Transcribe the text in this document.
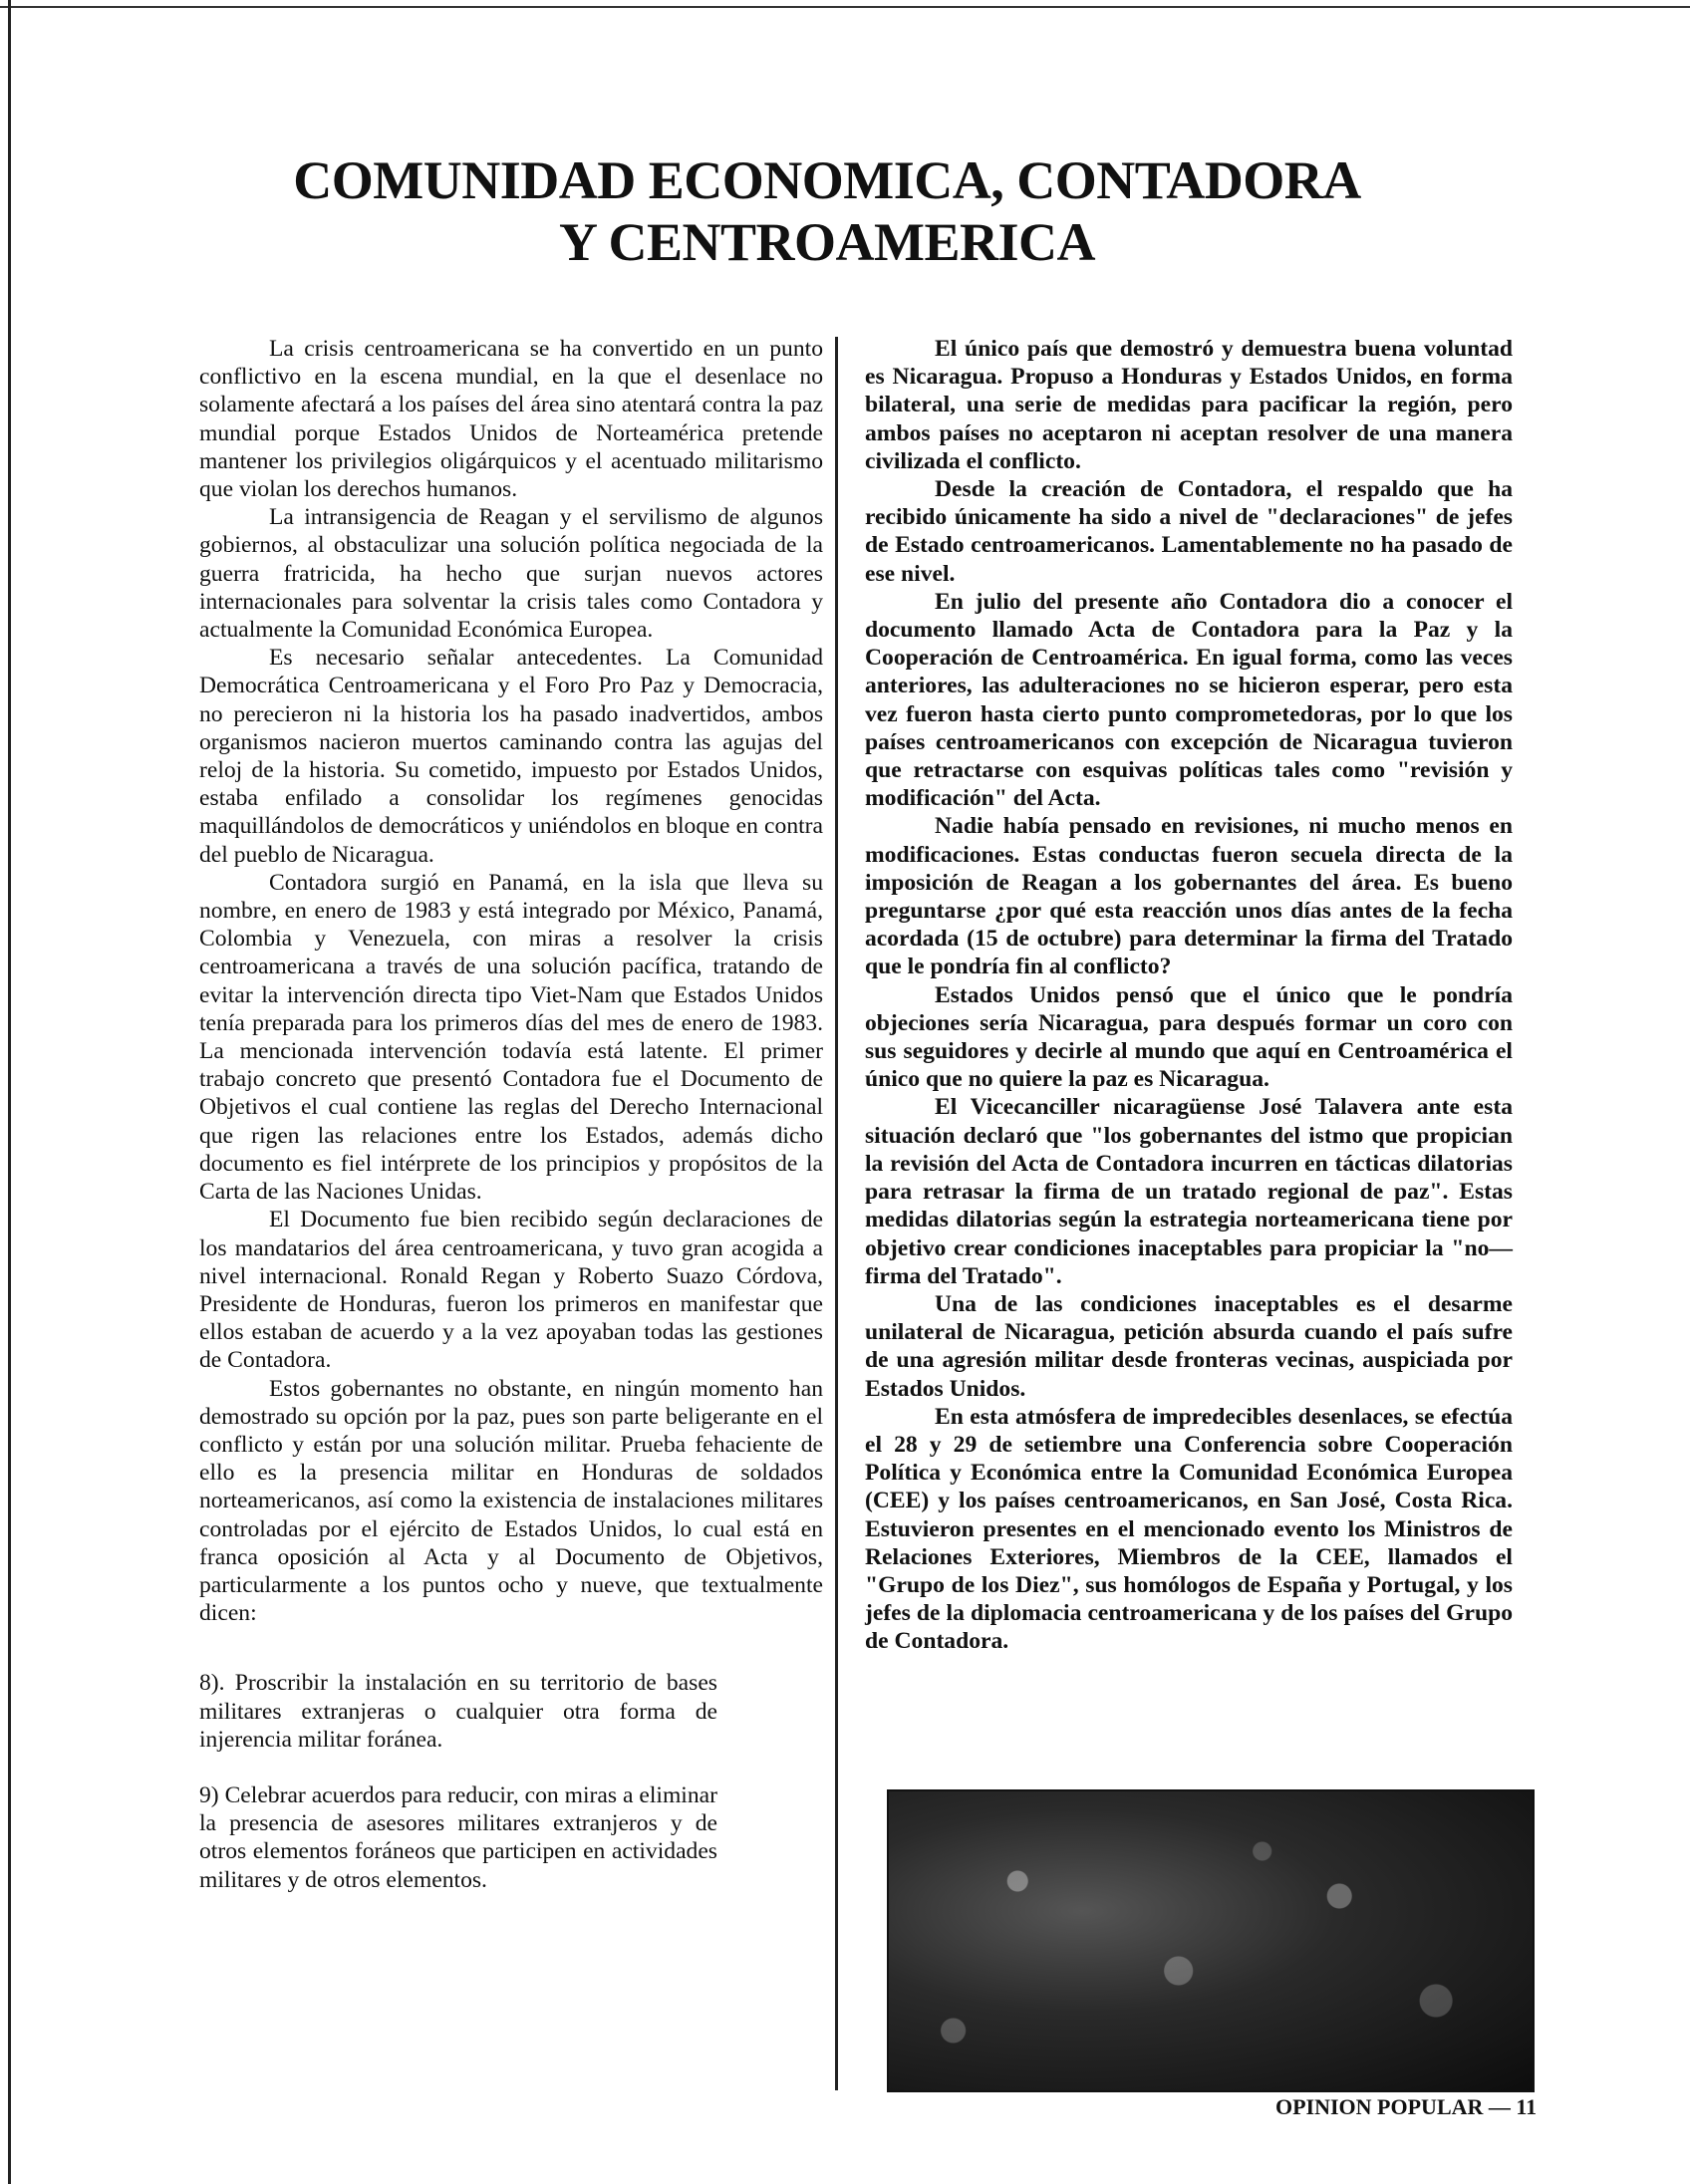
COMUNIDAD ECONOMICA, CONTADORA
Y CENTROAMERICA

La crisis centroamericana se ha convertido en un punto conflictivo en la escena mundial, en la que el desenlace no solamente afectará a los países del área sino atentará contra la paz mundial porque Estados Unidos de Norteamérica pretende mantener los privilegios oligárquicos y el acentuado militarismo que violan los derechos humanos.

La intransigencia de Reagan y el servilismo de algunos gobiernos, al obstaculizar una solución política negociada de la guerra fratricida, ha hecho que surjan nuevos actores internacionales para solventar la crisis tales como Contadora y actualmente la Comunidad Económica Europea.

Es necesario señalar antecedentes. La Comunidad Democrática Centroamericana y el Foro Pro Paz y Democracia, no perecieron ni la historia los ha pasado inadvertidos, ambos organismos nacieron muertos caminando contra las agujas del reloj de la historia. Su cometido, impuesto por Estados Unidos, estaba enfilado a consolidar los regímenes genocidas maquillándolos de democráticos y uniéndolos en bloque en contra del pueblo de Nicaragua.

Contadora surgió en Panamá, en la isla que lleva su nombre, en enero de 1983 y está integrado por México, Panamá, Colombia y Venezuela, con miras a resolver la crisis centroamericana a través de una solución pacífica, tratando de evitar la intervención directa tipo Viet-Nam que Estados Unidos tenía preparada para los primeros días del mes de enero de 1983. La mencionada intervención todavía está latente. El primer trabajo concreto que presentó Contadora fue el Documento de Objetivos el cual contiene las reglas del Derecho Internacional que rigen las relaciones entre los Estados, además dicho documento es fiel intérprete de los principios y propósitos de la Carta de las Naciones Unidas.

El Documento fue bien recibido según declaraciones de los mandatarios del área centroamericana, y tuvo gran acogida a nivel internacional. Ronald Regan y Roberto Suazo Córdova, Presidente de Honduras, fueron los primeros en manifestar que ellos estaban de acuerdo y a la vez apoyaban todas las gestiones de Contadora.

Estos gobernantes no obstante, en ningún momento han demostrado su opción por la paz, pues son parte beligerante en el conflicto y están por una solución militar. Prueba fehaciente de ello es la presencia militar en Honduras de soldados norteamericanos, así como la existencia de instalaciones militares controladas por el ejército de Estados Unidos, lo cual está en franca oposición al Acta y al Documento de Objetivos, particularmente a los puntos ocho y nueve, que textualmente dicen:

8). Proscribir la instalación en su territorio de bases militares extranjeras o cualquier otra forma de injerencia militar foránea.

9) Celebrar acuerdos para reducir, con miras a eliminar la presencia de asesores militares extranjeros y de otros elementos foráneos que participen en actividades militares y de otros elementos.

El único país que demostró y demuestra buena voluntad es Nicaragua. Propuso a Honduras y Estados Unidos, en forma bilateral, una serie de medidas para pacificar la región, pero ambos países no aceptaron ni aceptan resolver de una manera civilizada el conflicto.

Desde la creación de Contadora, el respaldo que ha recibido únicamente ha sido a nivel de "declaraciones" de jefes de Estado centroamericanos. Lamentablemente no ha pasado de ese nivel.

En julio del presente año Contadora dio a conocer el documento llamado Acta de Contadora para la Paz y la Cooperación de Centroamérica. En igual forma, como las veces anteriores, las adulteraciones no se hicieron esperar, pero esta vez fueron hasta cierto punto comprometedoras, por lo que los países centroamericanos con excepción de Nicaragua tuvieron que retractarse con esquivas políticas tales como "revisión y modificación" del Acta.

Nadie había pensado en revisiones, ni mucho menos en modificaciones. Estas conductas fueron secuela directa de la imposición de Reagan a los gobernantes del área. Es bueno preguntarse ¿por qué esta reacción unos días antes de la fecha acordada (15 de octubre) para determinar la firma del Tratado que le pondría fin al conflicto?

Estados Unidos pensó que el único que le pondría objeciones sería Nicaragua, para después formar un coro con sus seguidores y decirle al mundo que aquí en Centroamérica el único que no quiere la paz es Nicaragua.

El Vicecanciller nicaragüense José Talavera ante esta situación declaró que "los gobernantes del istmo que propician la revisión del Acta de Contadora incurren en tácticas dilatorias para retrasar la firma de un tratado regional de paz". Estas medidas dilatorias según la estrategia norteamericana tiene por objetivo crear condiciones inaceptables para propiciar la "no—firma del Tratado".

Una de las condiciones inaceptables es el desarme unilateral de Nicaragua, petición absurda cuando el país sufre de una agresión militar desde fronteras vecinas, auspiciada por Estados Unidos.

En esta atmósfera de impredecibles desenlaces, se efectúa el 28 y 29 de setiembre una Conferencia sobre Cooperación Política y Económica entre la Comunidad Económica Europea (CEE) y los países centroamericanos, en San José, Costa Rica. Estuvieron presentes en el mencionado evento los Ministros de Relaciones Exteriores, Miembros de la CEE, llamados el "Grupo de los Diez", sus homólogos de España y Portugal, y los jefes de la diplomacia centroamericana y de los países del Grupo de Contadora.

OPINION POPULAR — 11
